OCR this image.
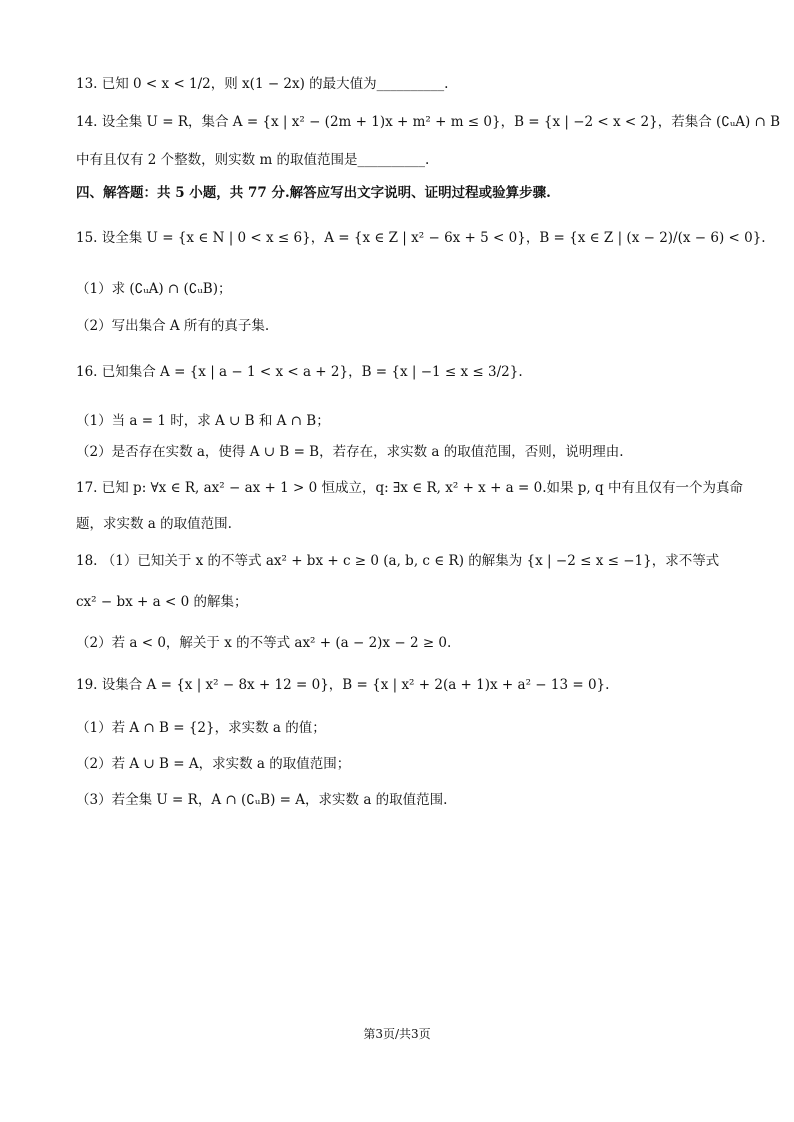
13. 已知 0 < x < 1/2，则 x(1 − 2x) 的最大值为__________.
14. 设全集 U = R，集合 A = {x | x² − (2m + 1)x + m² + m ≤ 0}，B = {x | −2 < x < 2}，若集合 (∁ᵤA) ∩ B
中有且仅有 2 个整数，则实数 m 的取值范围是__________.
四、解答题：共 5 小题，共 77 分.解答应写出文字说明、证明过程或验算步骤.
15. 设全集 U = {x ∈ N | 0 < x ≤ 6}，A = {x ∈ Z | x² − 6x + 5 < 0}，B = {x ∈ Z | (x − 2)/(x − 6) < 0}.
（1）求 (∁ᵤA) ∩ (∁ᵤB)；
（2）写出集合 A 所有的真子集.
16. 已知集合 A = {x | a − 1 < x < a + 2}，B = {x | −1 ≤ x ≤ 3/2}.
（1）当 a = 1 时，求 A ∪ B 和 A ∩ B；
（2）是否存在实数 a，使得 A ∪ B = B，若存在，求实数 a 的取值范围，否则，说明理由.
17. 已知 p: ∀x ∈ R, ax² − ax + 1 > 0 恒成立，q: ∃x ∈ R, x² + x + a = 0.如果 p, q 中有且仅有一个为真命
题，求实数 a 的取值范围.
18. （1）已知关于 x 的不等式 ax² + bx + c ≥ 0 (a, b, c ∈ R) 的解集为 {x | −2 ≤ x ≤ −1}，求不等式
cx² − bx + a < 0 的解集；
（2）若 a < 0，解关于 x 的不等式 ax² + (a − 2)x − 2 ≥ 0.
19. 设集合 A = {x | x² − 8x + 12 = 0}，B = {x | x² + 2(a + 1)x + a² − 13 = 0}.
（1）若 A ∩ B = {2}，求实数 a 的值；
（2）若 A ∪ B = A，求实数 a 的取值范围；
（3）若全集 U = R，A ∩ (∁ᵤB) = A，求实数 a 的取值范围.
第3页/共3页
